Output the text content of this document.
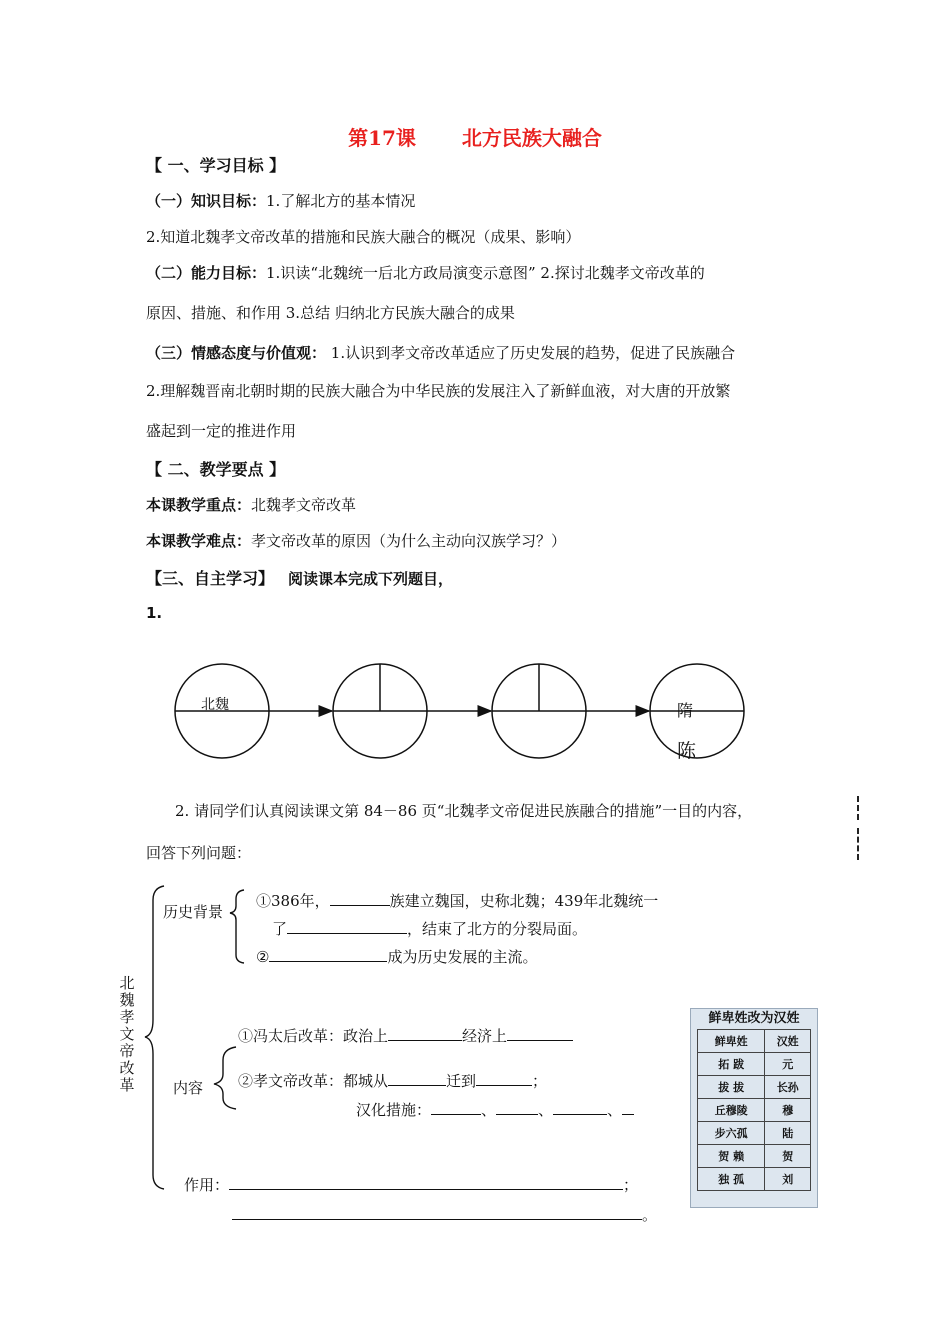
第17课 北方民族大融合
【 一、学习目标 】
（一）知识目标：1.了解北方的基本情况
2.知道北魏孝文帝改革的措施和民族大融合的概况（成果、影响）
（二）能力目标：1.识读“北魏统一后北方政局演变示意图” 2.探讨北魏孝文帝改革的
原因、措施、和作用 3.总结 归纳北方民族大融合的成果
（三）情感态度与价值观： 1.认识到孝文帝改革适应了历史发展的趋势，促进了民族融合
2.理解魏晋南北朝时期的民族大融合为中华民族的发展注入了新鲜血液，对大唐的开放繁
盛起到一定的推进作用
【 二、教学要点 】
本课教学重点：北魏孝文帝改革
本课教学难点：孝文帝改革的原因（为什么主动向汉族学习？）
【三、自主学习】 阅读课本完成下列题目，
1.
北魏	隋
陈
2. 请同学们认真阅读课文第 84－86 页“北魏孝文帝促进民族融合的措施”一目的内容，
回答下列问题：
北魏孝文帝改革
历史背景
①386年，	族建立魏国，史称北魏；439年北魏统一
了	，结束了北方的分裂局面。
②	成为历史发展的主流。
内容
①冯太后改革：政治上	经济上
②孝文帝改革：都城从	迁到	；
汉化措施：	、	、	、
作用：	；
。
鲜卑姓改为汉姓
鲜卑姓	汉姓
拓 跋	元
拔 拔	长孙
丘穆陵	穆
步六孤	陆
贺 赖	贺
独 孤	刘
